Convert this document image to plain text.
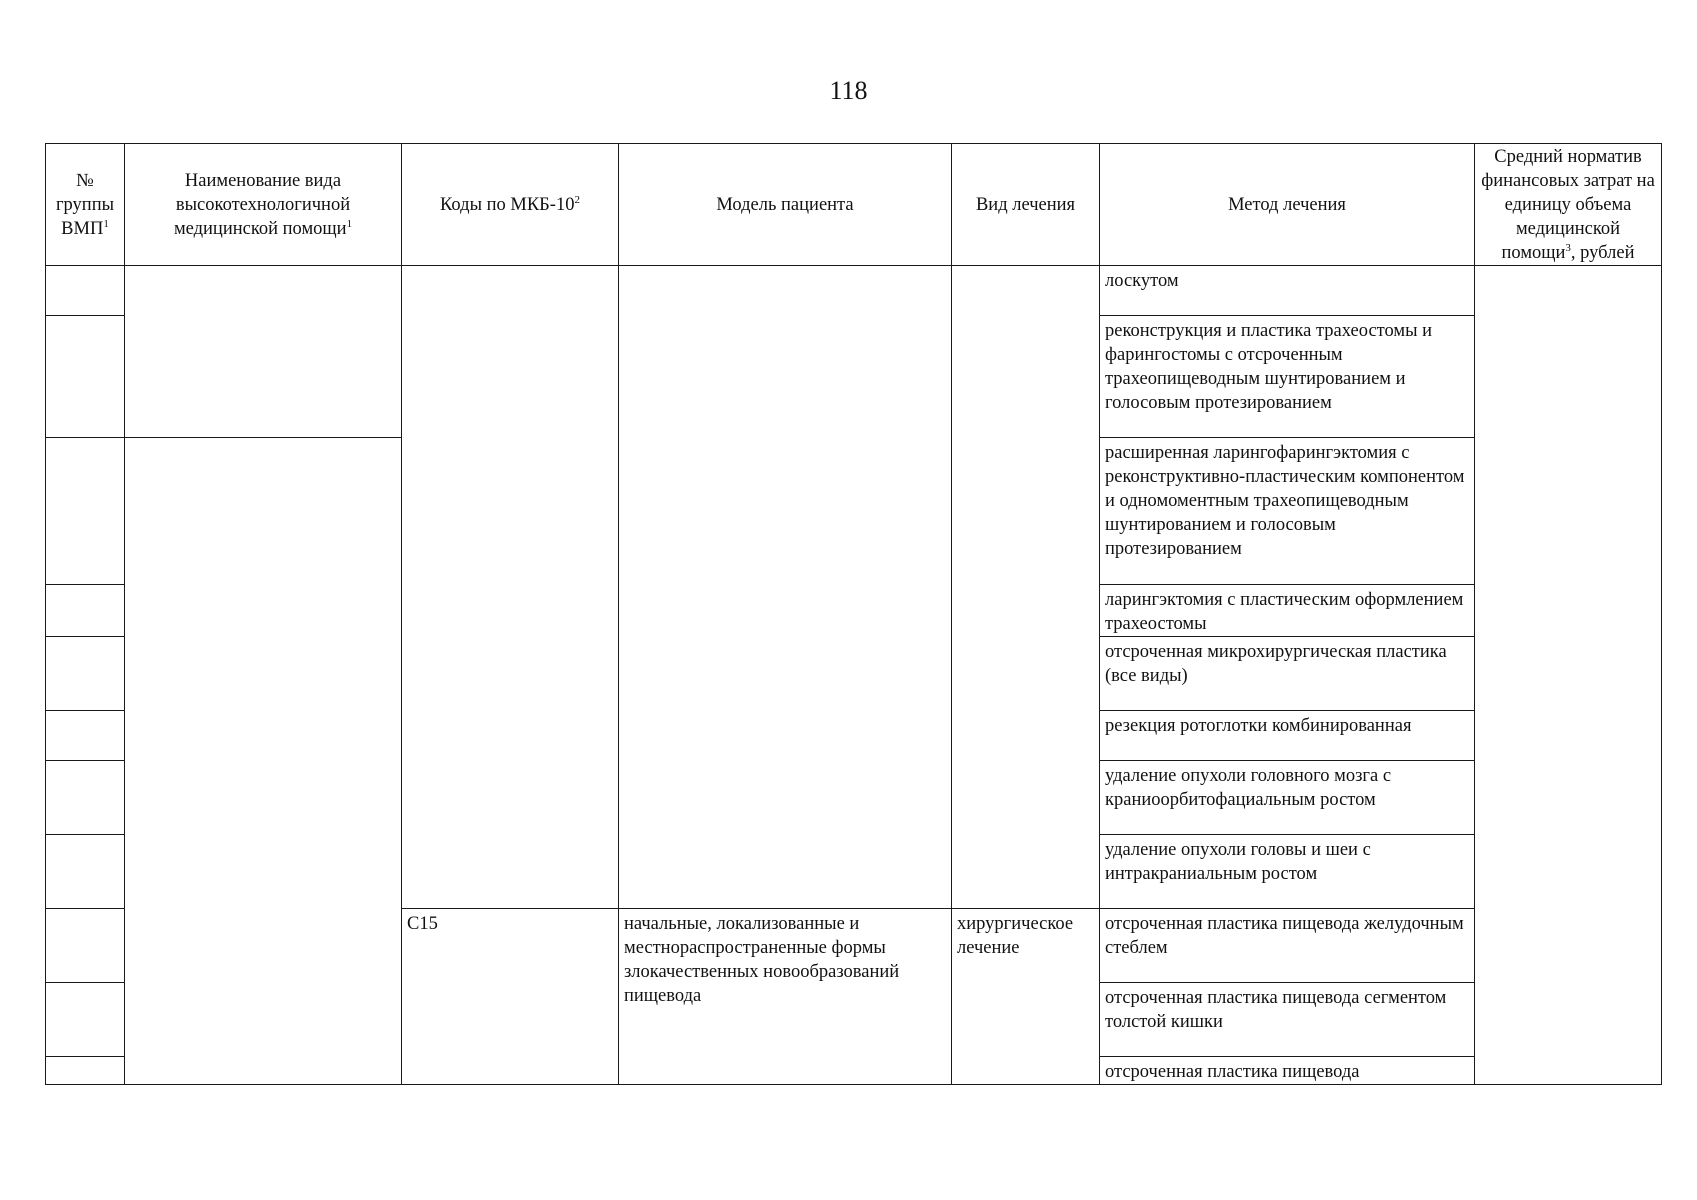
118
№ группы ВМП$^1$	Наименование вида высокотехнологичной медицинской помощи$^1$	Коды по МКБ-$10^2$	Модель пациента	Вид лечения	Метод лечения	Средний норматив финансовых затрат на единицу объема медицинской помощи$^3$, рублей

					лоскутом	

					реконструкция и пластика трахеостомы и фарингостомы с отсроченным трахеопищеводным шунтированием и голосовым протезированием	

					расширенная ларингофарингэктомия с реконструктивно-пластическим компонентом и одномоментным трахеопищеводным шунтированием и голосовым протезированием	

					ларингэктомия с пластическим оформлением трахеостомы	

					отсроченная микрохирургическая пластика (все виды)	

					резекция ротоглотки комбинированная	

					удаление опухоли головного мозга с краниоорбитофациальным ростом	

					удаление опухоли головы и шеи с интракраниальным ростом	

		C15	начальные, локализованные и местнораспространенные формы злокачественных новообразований пищевода	хирургическое лечение	отсроченная пластика пищевода желудочным стеблем	

					отсроченная пластика пищевода сегментом толстой кишки	

					отсроченная пластика пищевода	
